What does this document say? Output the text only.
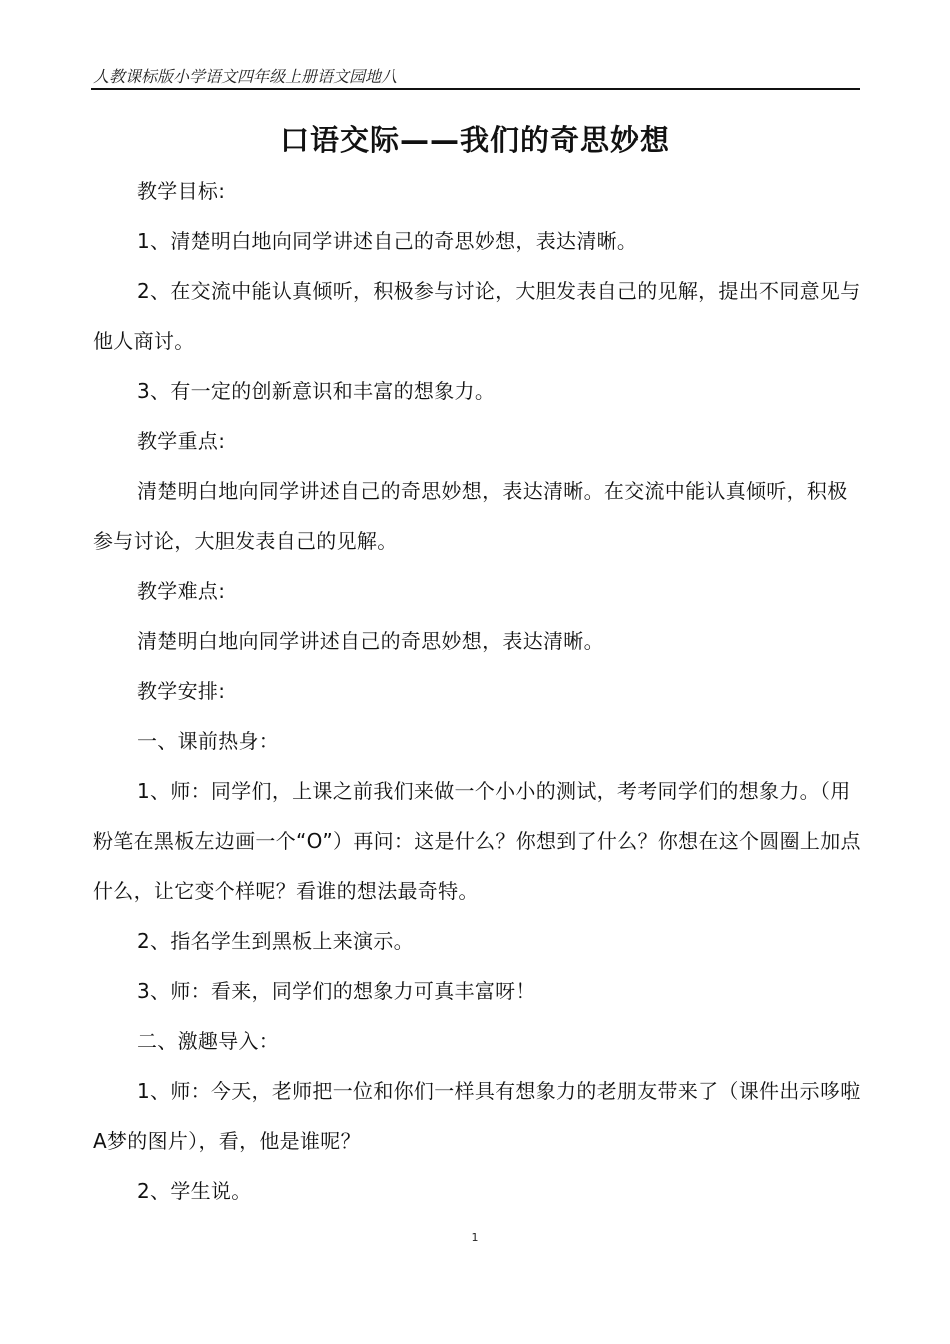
人教课标版小学语文四年级上册语文园地八
口语交际——我们的奇思妙想

教学目标:

1、清楚明白地向同学讲述自己的奇思妙想，表达清晰。

2、在交流中能认真倾听，积极参与讨论，大胆发表自己的见解，提出不同意见与他人商讨。

3、有一定的创新意识和丰富的想象力。

教学重点:

清楚明白地向同学讲述自己的奇思妙想，表达清晰。在交流中能认真倾听，积极参与讨论，大胆发表自己的见解。

教学难点:

清楚明白地向同学讲述自己的奇思妙想，表达清晰。

教学安排:

一、课前热身：

1、师：同学们，上课之前我们来做一个小小的测试，考考同学们的想象力。（用粉笔在黑板左边画一个“O”）再问：这是什么？你想到了什么？你想在这个圆圈上加点什么，让它变个样呢？看谁的想法最奇特。

2、指名学生到黑板上来演示。

3、师：看来，同学们的想象力可真丰富呀！

二、激趣导入：

1、师：今天，老师把一位和你们一样具有想象力的老朋友带来了（课件出示哆啦A梦的图片），看，他是谁呢？

2、学生说。

1
